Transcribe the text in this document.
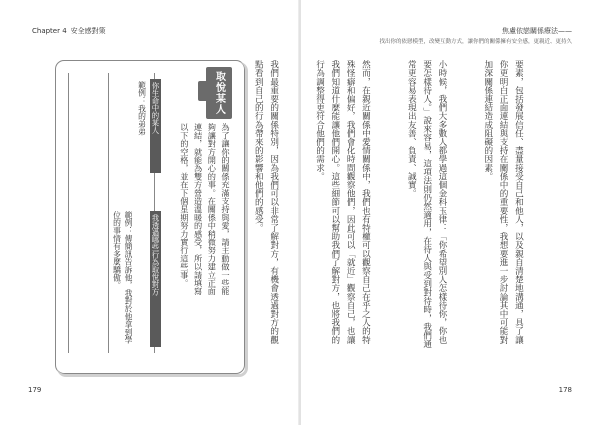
Chapter 4 安全感對策
取悅某人
為了讓你的關係充滿支持與愛，請主動做一些能夠讓對方開心的事。在關係中稍微努力建立正面連結，就能為雙方營造溫暖的感受，所以請填寫以下的空格，並在下個星期努力實行這些事。
你生命中的某人
範例：我的弟弟
我透過哪些行為取悅對方
範例：傳簡訊告訴他，我對於他拿到學位的事情有多麼驕傲。
179
焦慮依戀關係療法——
找出你的依戀模型，改變互動方式，讓你們的關係擁有安全感，更親近、更持久

要素，包括發展信任、盡量接受自己和他人，以及親自清楚地溝通，具了讓你更明白正面連結與支持在關係中的重要性，我想要進一步討論其中可能對加深關係連結造成阻礙的因素。

小時候，我們大多數人都學過這個金科玉律：「你希望別人怎樣待你，你也要怎樣待人。」說來容易，這項法則仍然適用，在待人與受到對待時，我們通常更容易表現出友善、負責、誠實。

然而，在親近關係中愛情關係中，我們也有特權可以觀察自己在乎之人的特殊怪癖和偏好，我們會化時間觀察他們，因此可以「就近」觀察自己，也讓我們知道什麼能讓他們開心。這些細節可以幫助我們了解對方，也將我們的行為調整得更符合他們的需求。

我們最重要的關係特別，因為我們可以非常了解對方，有機會透過對方的觀點看到自己的行為帶來的影響和他們的感受。

178
